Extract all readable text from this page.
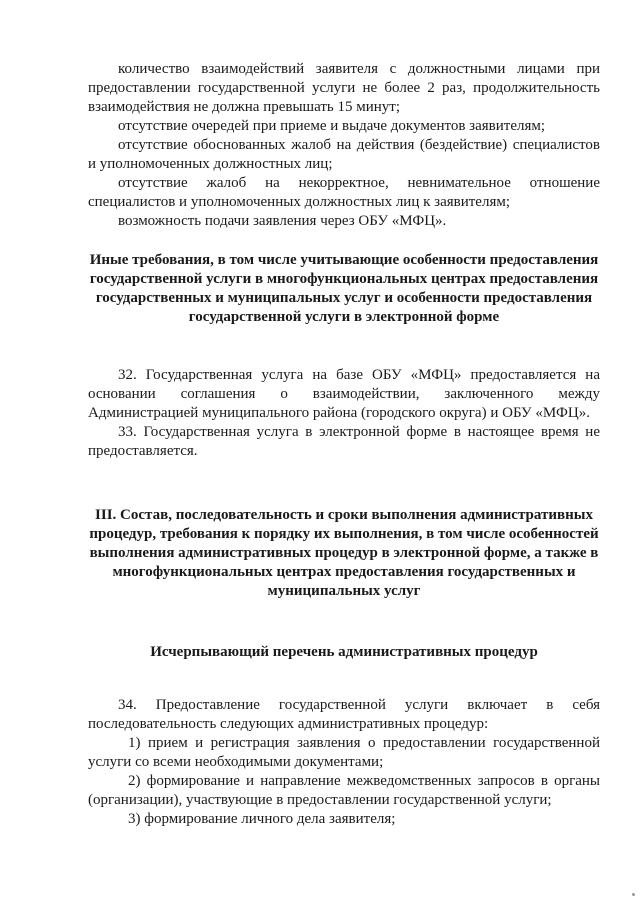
количество взаимодействий заявителя с должностными лицами при предоставлении государственной услуги не более 2 раз, продолжительность взаимодействия не должна превышать 15 минут;

отсутствие очередей при приеме и выдаче документов заявителям;

отсутствие обоснованных жалоб на действия (бездействие) специалистов и уполномоченных должностных лиц;

отсутствие жалоб на некорректное, невнимательное отношение специалистов и уполномоченных должностных лиц к заявителям;

возможность подачи заявления через ОБУ «МФЦ».

Иные требования, в том числе учитывающие особенности предоставления государственной услуги в многофункциональных центрах предоставления государственных и муниципальных услуг и особенности предоставления государственной услуги в электронной форме

32. Государственная услуга на базе ОБУ «МФЦ» предоставляется на основании соглашения о взаимодействии, заключенного между Администрацией муниципального района (городского округа) и ОБУ «МФЦ».

33. Государственная услуга в электронной форме в настоящее время не предоставляется.

III. Состав, последовательность и сроки выполнения административных процедур, требования к порядку их выполнения, в том числе особенностей выполнения административных процедур в электронной форме, а также в многофункциональных центрах предоставления государственных и муниципальных услуг

Исчерпывающий перечень административных процедур

34. Предоставление государственной услуги включает в себя последовательность следующих административных процедур:

1) прием и регистрация заявления о предоставлении государственной услуги со всеми необходимыми документами;

2) формирование и направление межведомственных запросов в органы (организации), участвующие в предоставлении государственной услуги;

3) формирование личного дела заявителя;
